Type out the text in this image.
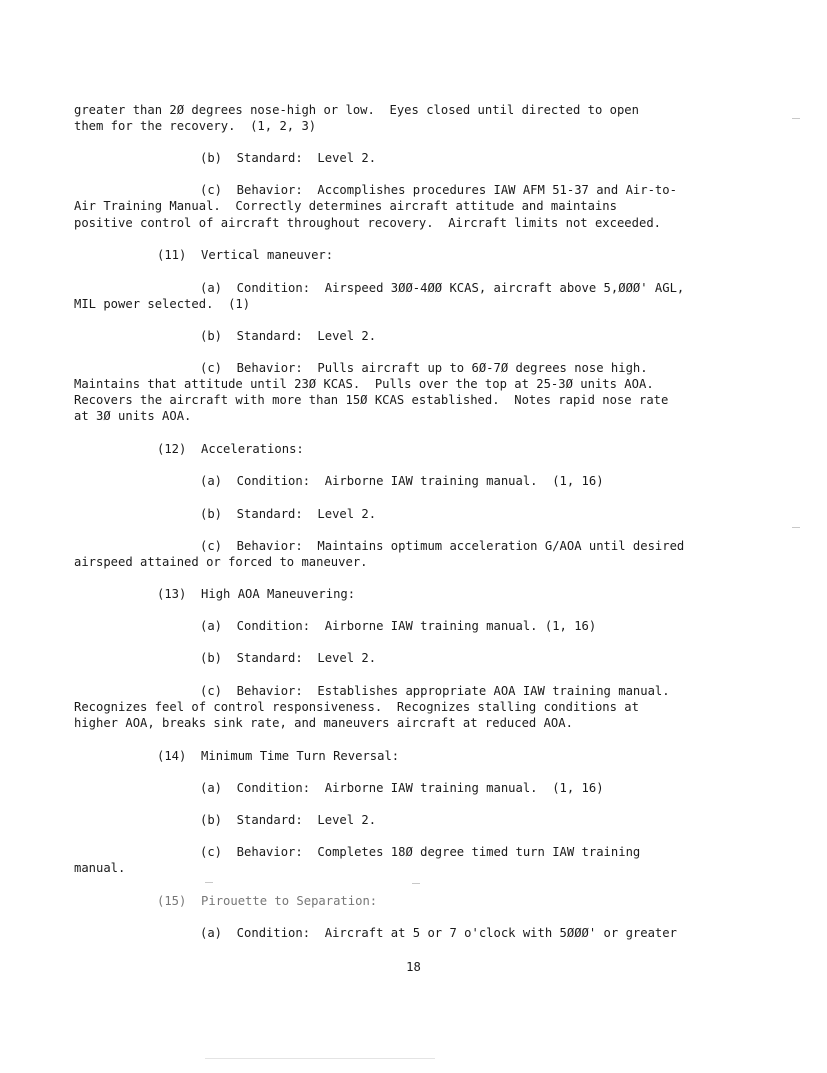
greater than 2Ø degrees nose-high or low.  Eyes closed until directed to open
them for the recovery.  (1, 2, 3)
(b)  Standard:  Level 2.
(c)  Behavior:  Accomplishes procedures IAW AFM 51-37 and Air-to-
Air Training Manual.  Correctly determines aircraft attitude and maintains
positive control of aircraft throughout recovery.  Aircraft limits not exceeded.
(11)  Vertical maneuver:
(a)  Condition:  Airspeed 3ØØ-4ØØ KCAS, aircraft above 5,ØØØ' AGL,
MIL power selected.  (1)
(b)  Standard:  Level 2.
(c)  Behavior:  Pulls aircraft up to 6Ø-7Ø degrees nose high.
Maintains that attitude until 23Ø KCAS.  Pulls over the top at 25-3Ø units AOA.
Recovers the aircraft with more than 15Ø KCAS established.  Notes rapid nose rate
at 3Ø units AOA.
(12)  Accelerations:
(a)  Condition:  Airborne IAW training manual.  (1, 16)
(b)  Standard:  Level 2.
(c)  Behavior:  Maintains optimum acceleration G/AOA until desired
airspeed attained or forced to maneuver.
(13)  High AOA Maneuvering:
(a)  Condition:  Airborne IAW training manual. (1, 16)
(b)  Standard:  Level 2.
(c)  Behavior:  Establishes appropriate AOA IAW training manual.
Recognizes feel of control responsiveness.  Recognizes stalling conditions at
higher AOA, breaks sink rate, and maneuvers aircraft at reduced AOA.
(14)  Minimum Time Turn Reversal:
(a)  Condition:  Airborne IAW training manual.  (1, 16)
(b)  Standard:  Level 2.
(c)  Behavior:  Completes 18Ø degree timed turn IAW training
manual.
(15)  Pirouette to Separation:
(a)  Condition:  Aircraft at 5 or 7 o'clock with 5ØØØ' or greater
18
